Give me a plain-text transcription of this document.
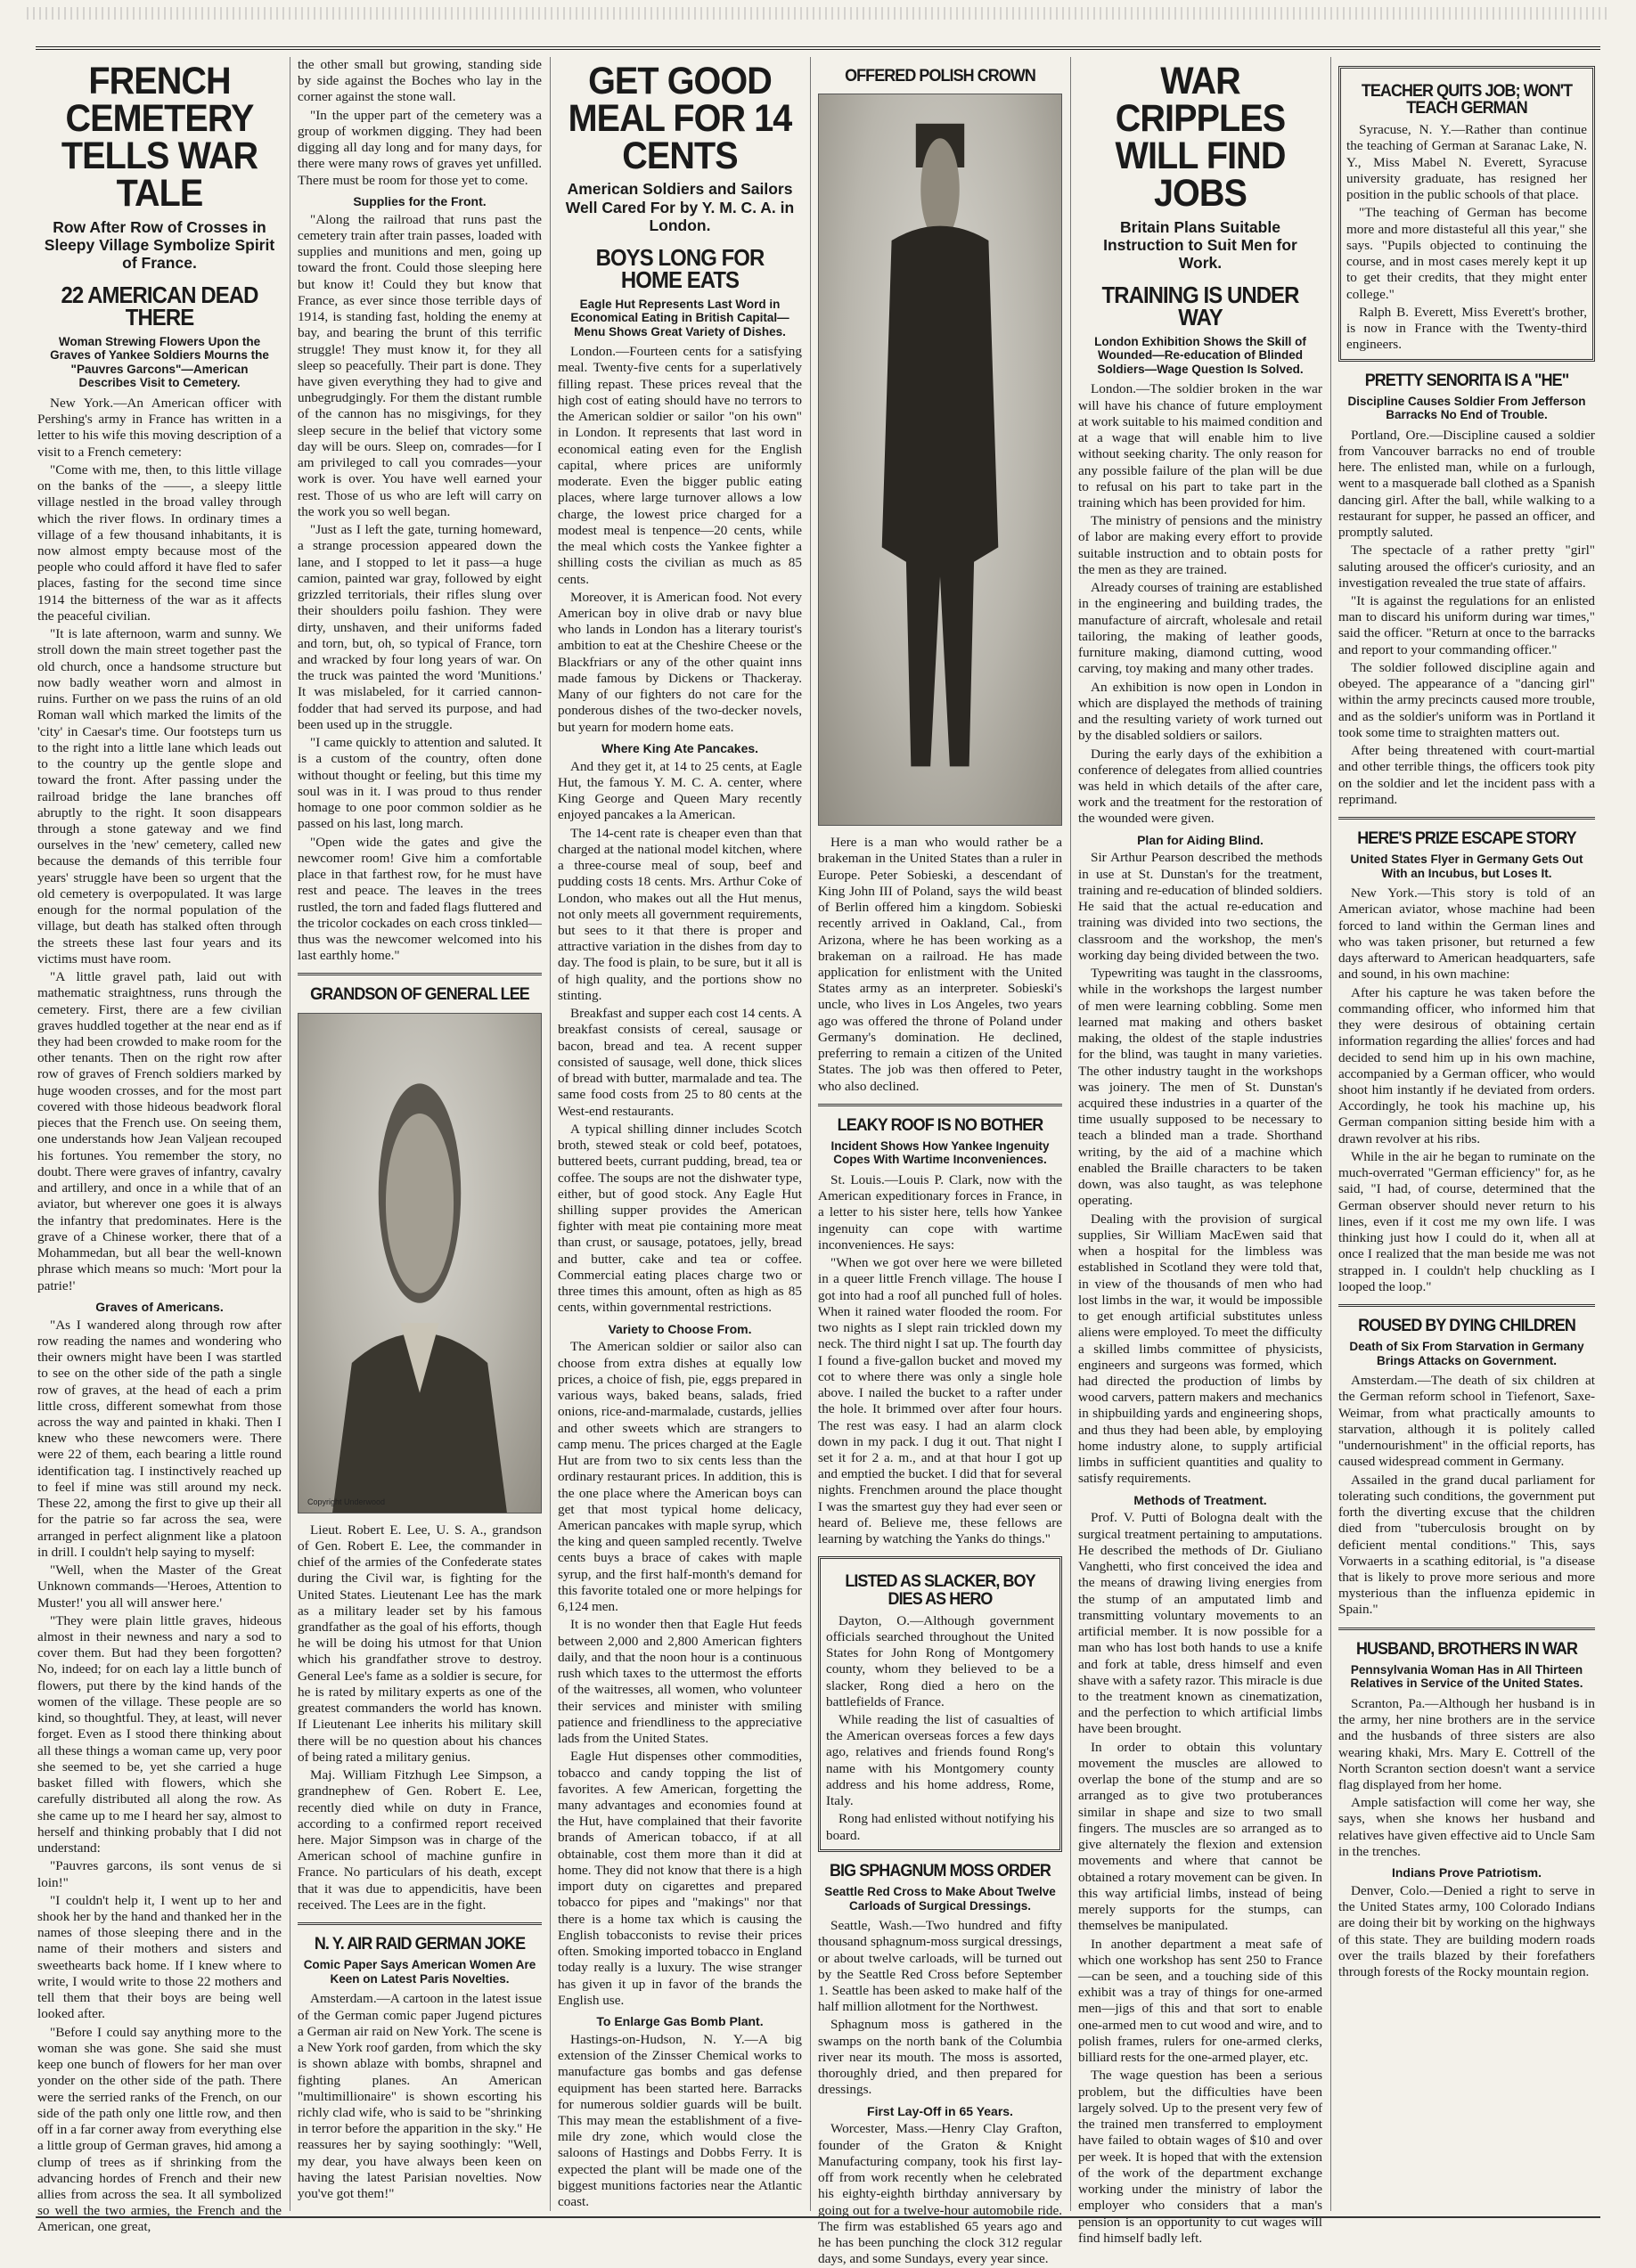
FRENCH CEMETERY TELLS WAR TALE
Row After Row of Crosses in Sleepy Village Symbolize Spirit of France.
22 AMERICAN DEAD THERE
Woman Strewing Flowers Upon the Graves of Yankee Soldiers Mourns the "Pauvres Garcons"—American Describes Visit to Cemetery.

New York.—An American officer with Pershing's army in France has written in a letter to his wife this moving description of a visit to a French cemetery:

"Come with me, then, to this little village on the banks of the ——, a sleepy little village nestled in the broad valley through which the river flows. In ordinary times a village of a few thousand inhabitants, it is now almost empty because most of the people who could afford it have fled to safer places, fasting for the second time since 1914 the bitterness of the war as it affects the peaceful civilian.

"It is late afternoon, warm and sunny. We stroll down the main street together past the old church, once a handsome structure but now badly weather worn and almost in ruins. Further on we pass the ruins of an old Roman wall which marked the limits of the 'city' in Caesar's time. Our footsteps turn us to the right into a little lane which leads out to the country up the gentle slope and toward the front. After passing under the railroad bridge the lane branches off abruptly to the right. It soon disappears through a stone gateway and we find ourselves in the 'new' cemetery, called new because the demands of this terrible four years' struggle have been so urgent that the old cemetery is overpopulated. It was large enough for the normal population of the village, but death has stalked often through the streets these last four years and its victims must have room.

"A little gravel path, laid out with mathematic straightness, runs through the cemetery. First, there are a few civilian graves huddled together at the near end as if they had been crowded to make room for the other tenants. Then on the right row after row of graves of French soldiers marked by huge wooden crosses, and for the most part covered with those hideous beadwork floral pieces that the French use. On seeing them, one understands how Jean Valjean recouped his fortunes. You remember the story, no doubt. There were graves of infantry, cavalry and artillery, and once in a while that of an aviator, but wherever one goes it is always the infantry that predominates. Here is the grave of a Chinese worker, there that of a Mohammedan, but all bear the well-known phrase which means so much: 'Mort pour la patrie!'

Graves of Americans.

"As I wandered along through row after row reading the names and wondering who their owners might have been I was startled to see on the other side of the path a single row of graves, at the head of each a prim little cross, different somewhat from those across the way and painted in khaki. Then I knew who these newcomers were. There were 22 of them, each bearing a little round identification tag. I instinctively reached up to feel if mine was still around my neck. These 22, among the first to give up their all for the patrie so far across the sea, were arranged in perfect alignment like a platoon in drill. I couldn't help saying to myself:

"Well, when the Master of the Great Unknown commands—'Heroes, Attention to Muster!' you all will answer here.'

"They were plain little graves, hideous almost in their newness and nary a sod to cover them. But had they been forgotten? No, indeed; for on each lay a little bunch of flowers, put there by the kind hands of the women of the village. These people are so kind, so thoughtful. They, at least, will never forget. Even as I stood there thinking about all these things a woman came up, very poor she seemed to be, yet she carried a huge basket filled with flowers, which she carefully distributed all along the row. As she came up to me I heard her say, almost to herself and thinking probably that I did not understand:

"Pauvres garcons, ils sont venus de si loin!"

"I couldn't help it, I went up to her and shook her by the hand and thanked her in the names of those sleeping there and in the name of their mothers and sisters and sweethearts back home. If I knew where to write, I would write to those 22 mothers and tell them that their boys are being well looked after.

"Before I could say anything more to the woman she was gone. She said she must keep one bunch of flowers for her man over yonder on the other side of the path. There were the serried ranks of the French, on our side of the path only one little row, and then off in a far corner away from everything else a little group of German graves, hid among a clump of trees as if shrinking from the advancing hordes of French and their new allies from across the sea. It all symbolized so well the two armies, the French and the American, one great,

the other small but growing, standing side by side against the Boches who lay in the corner against the stone wall.

"In the upper part of the cemetery was a group of workmen digging. They had been digging all day long and for many days, for there were many rows of graves yet unfilled. There must be room for those yet to come.

Supplies for the Front.

"Along the railroad that runs past the cemetery train after train passes, loaded with supplies and munitions and men, going up toward the front. Could those sleeping here but know it! Could they but know that France, as ever since those terrible days of 1914, is standing fast, holding the enemy at bay, and bearing the brunt of this terrific struggle! They must know it, for they all sleep so peacefully. Their part is done. They have given everything they had to give and unbegrudgingly. For them the distant rumble of the cannon has no misgivings, for they sleep secure in the belief that victory some day will be ours. Sleep on, comrades—for I am privileged to call you comrades—your work is over. You have well earned your rest. Those of us who are left will carry on the work you so well began.

"Just as I left the gate, turning homeward, a strange procession appeared down the lane, and I stopped to let it pass—a huge camion, painted war gray, followed by eight grizzled territorials, their rifles slung over their shoulders poilu fashion. They were dirty, unshaven, and their uniforms faded and torn, but, oh, so typical of France, torn and wracked by four long years of war. On the truck was painted the word 'Munitions.' It was mislabeled, for it carried cannon-fodder that had served its purpose, and had been used up in the struggle.

"I came quickly to attention and saluted. It is a custom of the country, often done without thought or feeling, but this time my soul was in it. I was proud to thus render homage to one poor common soldier as he passed on his last, long march.

"Open wide the gates and give the newcomer room! Give him a comfortable place in that farthest row, for he must have rest and peace. The leaves in the trees rustled, the torn and faded flags fluttered and the tricolor cockades on each cross tinkled—thus was the newcomer welcomed into his last earthly home."

GRANDSON OF GENERAL LEE
Copyright Underwood

Lieut. Robert E. Lee, U. S. A., grandson of Gen. Robert E. Lee, the commander in chief of the armies of the Confederate states during the Civil war, is fighting for the United States. Lieutenant Lee has the mark as a military leader set by his famous grandfather as the goal of his efforts, though he will be doing his utmost for that Union which his grandfather strove to destroy. General Lee's fame as a soldier is secure, for he is rated by military experts as one of the greatest commanders the world has known. If Lieutenant Lee inherits his military skill there will be no question about his chances of being rated a military genius.

Maj. William Fitzhugh Lee Simpson, a grandnephew of Gen. Robert E. Lee, recently died while on duty in France, according to a confirmed report received here. Major Simpson was in charge of the American school of machine gunfire in France. No particulars of his death, except that it was due to appendicitis, have been received. The Lees are in the fight.

N. Y. AIR RAID GERMAN JOKE
Comic Paper Says American Women Are Keen on Latest Paris Novelties.

Amsterdam.—A cartoon in the latest issue of the German comic paper Jugend pictures a German air raid on New York. The scene is a New York roof garden, from which the sky is shown ablaze with bombs, shrapnel and fighting planes. An American "multimillionaire" is shown escorting his richly clad wife, who is said to be "shrinking in terror before the apparition in the sky." He reassures her by saying soothingly: "Well, my dear, you have always been keen on having the latest Parisian novelties. Now you've got them!"

GET GOOD MEAL FOR 14 CENTS
American Soldiers and Sailors Well Cared For by Y. M. C. A. in London.
BOYS LONG FOR HOME EATS
Eagle Hut Represents Last Word in Economical Eating in British Capital—Menu Shows Great Variety of Dishes.

London.—Fourteen cents for a satisfying meal. Twenty-five cents for a superlatively filling repast. These prices reveal that the high cost of eating should have no terrors to the American soldier or sailor "on his own" in London. It represents that last word in economical eating even for the English capital, where prices are uniformly moderate. Even the bigger public eating places, where large turnover allows a low charge, the lowest price charged for a modest meal is tenpence—20 cents, while the meal which costs the Yankee fighter a shilling costs the civilian as much as 85 cents.

Moreover, it is American food. Not every American boy in olive drab or navy blue who lands in London has a literary tourist's ambition to eat at the Cheshire Cheese or the Blackfriars or any of the other quaint inns made famous by Dickens or Thackeray. Many of our fighters do not care for the ponderous dishes of the two-decker novels, but yearn for modern home eats.

Where King Ate Pancakes.

And they get it, at 14 to 25 cents, at Eagle Hut, the famous Y. M. C. A. center, where King George and Queen Mary recently enjoyed pancakes a la American.

The 14-cent rate is cheaper even than that charged at the national model kitchen, where a three-course meal of soup, beef and pudding costs 18 cents. Mrs. Arthur Coke of London, who makes out all the Hut menus, not only meets all government requirements, but sees to it that there is proper and attractive variation in the dishes from day to day. The food is plain, to be sure, but it all is of high quality, and the portions show no stinting.

Breakfast and supper each cost 14 cents. A breakfast consists of cereal, sausage or bacon, bread and tea. A recent supper consisted of sausage, well done, thick slices of bread with butter, marmalade and tea. The same food costs from 25 to 80 cents at the West-end restaurants.

A typical shilling dinner includes Scotch broth, stewed steak or cold beef, potatoes, buttered beets, currant pudding, bread, tea or coffee. The soups are not the dishwater type, either, but of good stock. Any Eagle Hut shilling supper provides the American fighter with meat pie containing more meat than crust, or sausage, potatoes, jelly, bread and butter, cake and tea or coffee. Commercial eating places charge two or three times this amount, often as high as 85 cents, within governmental restrictions.

Variety to Choose From.

The American soldier or sailor also can choose from extra dishes at equally low prices, a choice of fish, pie, eggs prepared in various ways, baked beans, salads, fried onions, rice-and-marmalade, custards, jellies and other sweets which are strangers to camp menu. The prices charged at the Eagle Hut are from two to six cents less than the ordinary restaurant prices. In addition, this is the one place where the American boys can get that most typical home delicacy, American pancakes with maple syrup, which the king and queen sampled recently. Twelve cents buys a brace of cakes with maple syrup, and the first half-month's demand for this favorite totaled one or more helpings for 6,124 men.

It is no wonder then that Eagle Hut feeds between 2,000 and 2,800 American fighters daily, and that the noon hour is a continuous rush which taxes to the uttermost the efforts of the waitresses, all women, who volunteer their services and minister with smiling patience and friendliness to the appreciative lads from the United States.

Eagle Hut dispenses other commodities, tobacco and candy topping the list of favorites. A few American, forgetting the many advantages and economies found at the Hut, have complained that their favorite brands of American tobacco, if at all obtainable, cost them more than it did at home. They did not know that there is a high import duty on cigarettes and prepared tobacco for pipes and "makings" nor that there is a home tax which is causing the English tobacconists to revise their prices often. Smoking imported tobacco in England today really is a luxury. The wise stranger has given it up in favor of the brands the English use.

To Enlarge Gas Bomb Plant.

Hastings-on-Hudson, N. Y.—A big extension of the Zinsser Chemical works to manufacture gas bombs and gas defense equipment has been started here. Barracks for numerous soldier guards will be built. This may mean the establishment of a five-mile dry zone, which would close the saloons of Hastings and Dobbs Ferry. It is expected the plant will be made one of the biggest munitions factories near the Atlantic coast.

OFFERED POLISH CROWN

Here is a man who would rather be a brakeman in the United States than a ruler in Europe. Peter Sobieski, a descendant of King John III of Poland, says the wild beast of Berlin offered him a kingdom. Sobieski recently arrived in Oakland, Cal., from Arizona, where he has been working as a brakeman on a railroad. He has made application for enlistment with the United States army as an interpreter. Sobieski's uncle, who lives in Los Angeles, two years ago was offered the throne of Poland under Germany's domination. He declined, preferring to remain a citizen of the United States. The job was then offered to Peter, who also declined.

LEAKY ROOF IS NO BOTHER
Incident Shows How Yankee Ingenuity Copes With Wartime Inconveniences.

St. Louis.—Louis P. Clark, now with the American expeditionary forces in France, in a letter to his sister here, tells how Yankee ingenuity can cope with wartime inconveniences. He says:

"When we got over here we were billeted in a queer little French village. The house I got into had a roof all punched full of holes. When it rained water flooded the room. For two nights as I slept rain trickled down my neck. The third night I sat up. The fourth day I found a five-gallon bucket and moved my cot to where there was only a single hole above. I nailed the bucket to a rafter under the hole. It brimmed over after four hours. The rest was easy. I had an alarm clock down in my pack. I dug it out. That night I set it for 2 a. m., and at that hour I got up and emptied the bucket. I did that for several nights. Frenchmen around the place thought I was the smartest guy they had ever seen or heard of. Believe me, these fellows are learning by watching the Yanks do things."

LISTED AS SLACKER, BOY DIES AS HERO

Dayton, O.—Although government officials searched throughout the United States for John Rong of Montgomery county, whom they believed to be a slacker, Rong died a hero on the battlefields of France.

While reading the list of casualties of the American overseas forces a few days ago, relatives and friends found Rong's name with his Montgomery county address and his home address, Rome, Italy.

Rong had enlisted without notifying his board.

BIG SPHAGNUM MOSS ORDER
Seattle Red Cross to Make About Twelve Carloads of Surgical Dressings.

Seattle, Wash.—Two hundred and fifty thousand sphagnum-moss surgical dressings, or about twelve carloads, will be turned out by the Seattle Red Cross before September 1. Seattle has been asked to make half of the half million allotment for the Northwest.

Sphagnum moss is gathered in the swamps on the north bank of the Columbia river near its mouth. The moss is assorted, thoroughly dried, and then prepared for dressings.

First Lay-Off in 65 Years.

Worcester, Mass.—Henry Clay Grafton, founder of the Graton & Knight Manufacturing company, took his first lay-off from work recently when he celebrated his eighty-eighth birthday anniversary by going out for a twelve-hour automobile ride. The firm was established 65 years ago and he has been punching the clock 312 regular days, and some Sundays, every year since.

WAR CRIPPLES WILL FIND JOBS
Britain Plans Suitable Instruction to Suit Men for Work.
TRAINING IS UNDER WAY
London Exhibition Shows the Skill of Wounded—Re-education of Blinded Soldiers—Wage Question Is Solved.

London.—The soldier broken in the war will have his chance of future employment at work suitable to his maimed condition and at a wage that will enable him to live without seeking charity. The only reason for any possible failure of the plan will be due to refusal on his part to take part in the training which has been provided for him.

The ministry of pensions and the ministry of labor are making every effort to provide suitable instruction and to obtain posts for the men as they are trained.

Already courses of training are established in the engineering and building trades, the manufacture of aircraft, wholesale and retail tailoring, the making of leather goods, furniture making, diamond cutting, wood carving, toy making and many other trades.

An exhibition is now open in London in which are displayed the methods of training and the resulting variety of work turned out by the disabled soldiers or sailors.

During the early days of the exhibition a conference of delegates from allied countries was held in which details of the after care, work and the treatment for the restoration of the wounded were given.

Plan for Aiding Blind.

Sir Arthur Pearson described the methods in use at St. Dunstan's for the treatment, training and re-education of blinded soldiers. He said that the actual re-education and training was divided into two sections, the classroom and the workshop, the men's working day being divided between the two.

Typewriting was taught in the classrooms, while in the workshops the largest number of men were learning cobbling. Some men learned mat making and others basket making, the oldest of the staple industries for the blind, was taught in many varieties. The other industry taught in the workshops was joinery. The men of St. Dunstan's acquired these industries in a quarter of the time usually supposed to be necessary to teach a blinded man a trade. Shorthand writing, by the aid of a machine which enabled the Braille characters to be taken down, was also taught, as was telephone operating.

Dealing with the provision of surgical supplies, Sir William MacEwen said that when a hospital for the limbless was established in Scotland they were told that, in view of the thousands of men who had lost limbs in the war, it would be impossible to get enough artificial substitutes unless aliens were employed. To meet the difficulty a skilled limbs committee of physicists, engineers and surgeons was formed, which had directed the production of limbs by wood carvers, pattern makers and mechanics in shipbuilding yards and engineering shops, and thus they had been able, by employing home industry alone, to supply artificial limbs in sufficient quantities and quality to satisfy requirements.

Methods of Treatment.

Prof. V. Putti of Bologna dealt with the surgical treatment pertaining to amputations. He described the methods of Dr. Giuliano Vanghetti, who first conceived the idea and the means of drawing living energies from the stump of an amputated limb and transmitting voluntary movements to an artificial member. It is now possible for a man who has lost both hands to use a knife and fork at table, dress himself and even shave with a safety razor. This miracle is due to the treatment known as cinematization, and the perfection to which artificial limbs have been brought.

In order to obtain this voluntary movement the muscles are allowed to overlap the bone of the stump and are so arranged as to give two protuberances similar in shape and size to two small fingers. The muscles are so arranged as to give alternately the flexion and extension movements and where that cannot be obtained a rotary movement can be given. In this way artificial limbs, instead of being merely supports for the stumps, can themselves be manipulated.

In another department a meat safe of which one workshop has sent 250 to France—can be seen, and a touching side of this exhibit was a tray of things for one-armed men—jigs of this and that sort to enable one-armed men to cut wood and wire, and to polish frames, rulers for one-armed clerks, billiard rests for the one-armed player, etc.

The wage question has been a serious problem, but the difficulties have been largely solved. Up to the present very few of the trained men transferred to employment have failed to obtain wages of $10 and over per week. It is hoped that with the extension of the work of the department exchange working under the ministry of labor the employer who considers that a man's pension is an opportunity to cut wages will find himself badly left.

TEACHER QUITS JOB; WON'T TEACH GERMAN

Syracuse, N. Y.—Rather than continue the teaching of German at Saranac Lake, N. Y., Miss Mabel N. Everett, Syracuse university graduate, has resigned her position in the public schools of that place.

"The teaching of German has become more and more distasteful all this year," she says. "Pupils objected to continuing the course, and in most cases merely kept it up to get their credits, that they might enter college."

Ralph B. Everett, Miss Everett's brother, is now in France with the Twenty-third engineers.

PRETTY SENORITA IS A "HE"
Discipline Causes Soldier From Jefferson Barracks No End of Trouble.

Portland, Ore.—Discipline caused a soldier from Vancouver barracks no end of trouble here. The enlisted man, while on a furlough, went to a masquerade ball clothed as a Spanish dancing girl. After the ball, while walking to a restaurant for supper, he passed an officer, and promptly saluted.

The spectacle of a rather pretty "girl" saluting aroused the officer's curiosity, and an investigation revealed the true state of affairs.

"It is against the regulations for an enlisted man to discard his uniform during war times," said the officer. "Return at once to the barracks and report to your commanding officer."

The soldier followed discipline again and obeyed. The appearance of a "dancing girl" within the army precincts caused more trouble, and as the soldier's uniform was in Portland it took some time to straighten matters out.

After being threatened with court-martial and other terrible things, the officers took pity on the soldier and let the incident pass with a reprimand.

HERE'S PRIZE ESCAPE STORY
United States Flyer in Germany Gets Out With an Incubus, but Loses It.

New York.—This story is told of an American aviator, whose machine had been forced to land within the German lines and who was taken prisoner, but returned a few days afterward to American headquarters, safe and sound, in his own machine:

After his capture he was taken before the commanding officer, who informed him that they were desirous of obtaining certain information regarding the allies' forces and had decided to send him up in his own machine, accompanied by a German officer, who would shoot him instantly if he deviated from orders. Accordingly, he took his machine up, his German companion sitting beside him with a drawn revolver at his ribs.

While in the air he began to ruminate on the much-overrated "German efficiency" for, as he said, "I had, of course, determined that the German observer should never return to his lines, even if it cost me my own life. I was thinking just how I could do it, when all at once I realized that the man beside me was not strapped in. I couldn't help chuckling as I looped the loop."

ROUSED BY DYING CHILDREN
Death of Six From Starvation in Germany Brings Attacks on Government.

Amsterdam.—The death of six children at the German reform school in Tiefenort, Saxe-Weimar, from what practically amounts to starvation, although it is politely called "undernourishment" in the official reports, has caused widespread comment in Germany.

Assailed in the grand ducal parliament for tolerating such conditions, the government put forth the diverting excuse that the children died from "tuberculosis brought on by deficient mental conditions." This, says Vorwaerts in a scathing editorial, is "a disease that is likely to prove more serious and more mysterious than the influenza epidemic in Spain."

HUSBAND, BROTHERS IN WAR
Pennsylvania Woman Has in All Thirteen Relatives in Service of the United States.

Scranton, Pa.—Although her husband is in the army, her nine brothers are in the service and the husbands of three sisters are also wearing khaki, Mrs. Mary E. Cottrell of the North Scranton section doesn't want a service flag displayed from her home.

Ample satisfaction will come her way, she says, when she knows her husband and relatives have given effective aid to Uncle Sam in the trenches.

Indians Prove Patriotism.

Denver, Colo.—Denied a right to serve in the United States army, 100 Colorado Indians are doing their bit by working on the highways of this state. They are building modern roads over the trails blazed by their forefathers through forests of the Rocky mountain region.
